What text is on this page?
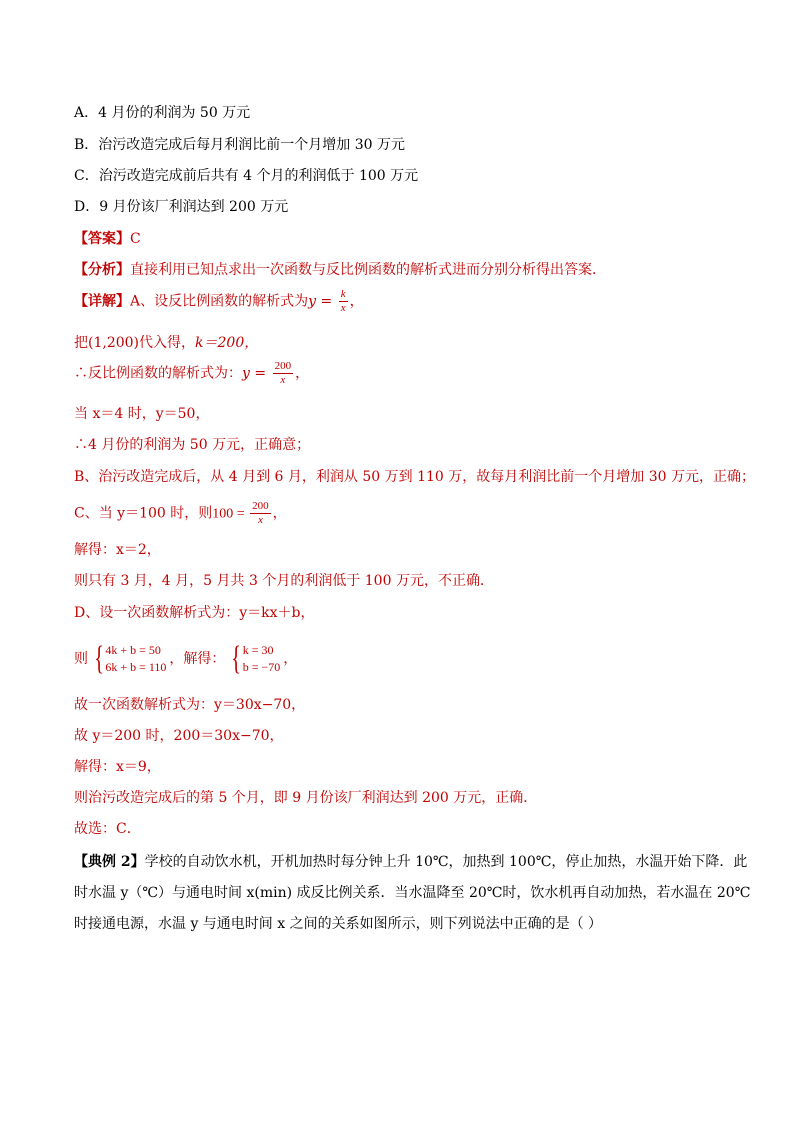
A．4 月份的利润为 50 万元
B．治污改造完成后每月利润比前一个月增加 30 万元
C．治污改造完成前后共有 4 个月的利润低于 100 万元
D．9 月份该厂利润达到 200 万元
【答案】C
【分析】直接利用已知点求出一次函数与反比例函数的解析式进而分别分析得出答案．
【详解】A、设反比例函数的解析式为$y = \frac{k}{x}$ ，
把(1,200)代入得，k＝200，
∴反比例函数的解析式为：$y = \frac{200}{x}$ ，
当 x＝4 时，y＝50，
∴4 月份的利润为 50 万元，正确意；
B、治污改造完成后，从 4 月到 6 月，利润从 50 万到 110 万，故每月利润比前一个月增加 30 万元，正确；
C、当 y＝100 时，则$100 = \frac{200}{x}$ ，
解得：x＝2，
则只有 3 月，4 月，5 月共 3 个月的利润低于 100 万元，不正确．
D、设一次函数解析式为：y＝kx＋b，
则 { 4k + b = 50
6k + b = 110 ，解得： { k = 30
b = −70 ，
故一次函数解析式为：y＝30x−70，
故 y＝200 时，200＝30x−70，
解得：x＝9，
则治污改造完成后的第 5 个月，即 9 月份该厂利润达到 200 万元，正确．
故选：C．
【典例 2】学校的自动饮水机，开机加热时每分钟上升 10℃，加热到 100℃，停止加热，水温开始下降．此
时水温 y（℃）与通电时间 x(min) 成反比例关系．当水温降至 20℃时，饮水机再自动加热，若水温在 20℃
时接通电源，水温 y 与通电时间 x 之间的关系如图所示，则下列说法中正确的是（ ）
